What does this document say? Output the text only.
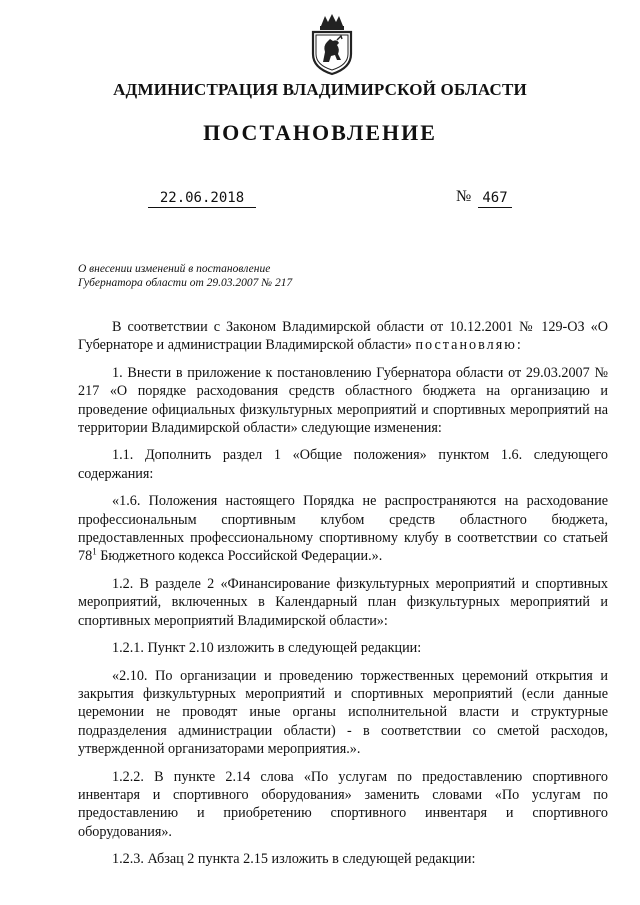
АДМИНИСТРАЦИЯ ВЛАДИМИРСКОЙ ОБЛАСТИ
ПОСТАНОВЛЕНИЕ
22.06.2018	№ 467
О внесении изменений в постановление
Губернатора области от 29.03.2007 № 217

В соответствии с Законом Владимирской области от 10.12.2001 № 129-ОЗ «О Губернаторе и администрации Владимирской области» постановляю:

1. Внести в приложение к постановлению Губернатора области от 29.03.2007 № 217 «О порядке расходования средств областного бюджета на организацию и проведение официальных физкультурных мероприятий и спортивных мероприятий на территории Владимирской области» следующие изменения:

1.1. Дополнить раздел 1 «Общие положения» пунктом 1.6. следующего содержания:

«1.6. Положения настоящего Порядка не распространяются на расходование профессиональным спортивным клубом средств областного бюджета, предоставленных профессиональному спортивному клубу в соответствии со статьей $78^1$ Бюджетного кодекса Российской Федерации.».

1.2. В разделе 2 «Финансирование физкультурных мероприятий и спортивных мероприятий, включенных в Календарный план физкультурных мероприятий и спортивных мероприятий Владимирской области»:

1.2.1. Пункт 2.10 изложить в следующей редакции:

«2.10. По организации и проведению торжественных церемоний открытия и закрытия физкультурных мероприятий и спортивных мероприятий (если данные церемонии не проводят иные органы исполнительной власти и структурные подразделения администрации области) - в соответствии со сметой расходов, утвержденной организаторами мероприятия.».

1.2.2. В пункте 2.14 слова «По услугам по предоставлению спортивного инвентаря и спортивного оборудования» заменить словами «По услугам по предоставлению и приобретению спортивного инвентаря и спортивного оборудования».

1.2.3. Абзац 2 пункта 2.15 изложить в следующей редакции:
